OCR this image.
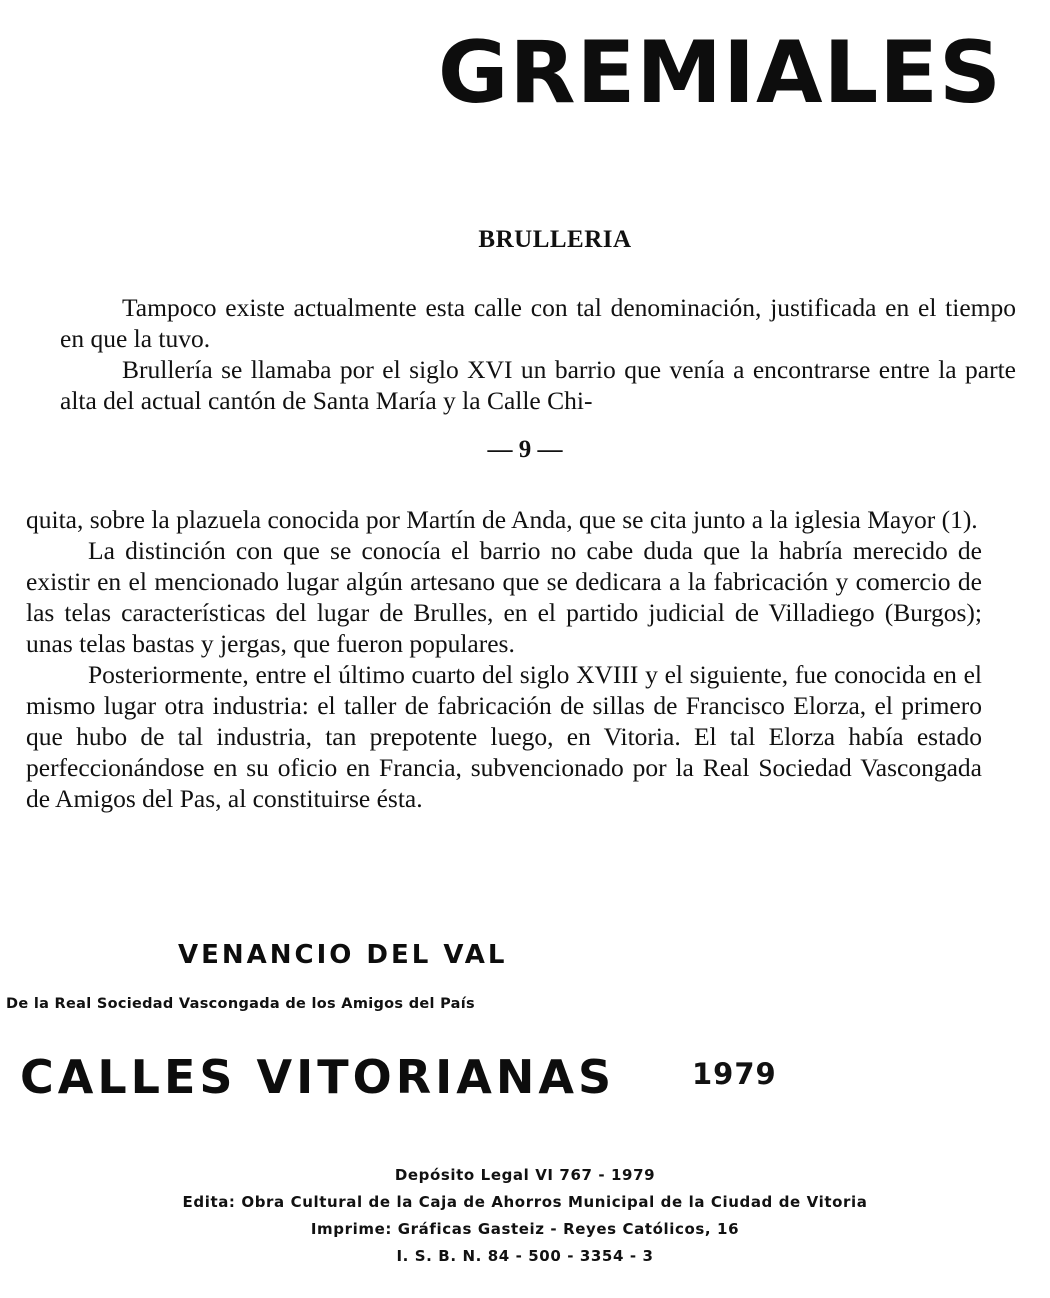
GREMIALES
BRULLERIA

Tampoco existe actualmente esta calle con tal denominación, justificada en el tiempo en que la tuvo.

Brullería se llamaba por el siglo XVI un barrio que venía a encontrarse entre la parte alta del actual cantón de Santa María y la Calle Chi-

— 9 —

quita, sobre la plazuela conocida por Martín de Anda, que se cita junto a la iglesia Mayor (1).

La distinción con que se conocía el barrio no cabe duda que la habría merecido de existir en el mencionado lugar algún artesano que se dedicara a la fabricación y comercio de las telas características del lugar de Brulles, en el partido judicial de Villadiego (Burgos); unas telas bastas y jergas, que fueron populares.

Posteriormente, entre el último cuarto del siglo XVIII y el siguiente, fue conocida en el mismo lugar otra industria: el taller de fabricación de sillas de Francisco Elorza, el primero que hubo de tal industria, tan prepotente luego, en Vitoria. El tal Elorza había estado perfeccionándose en su oficio en Francia, subvencionado por la Real Sociedad Vascongada de Amigos del Pas, al constituirse ésta.

VENANCIO DEL VAL
De la Real Sociedad Vascongada de los Amigos del País
CALLES VITORIANAS	1979
Depósito Legal VI 767 - 1979
Edita: Obra Cultural de la Caja de Ahorros Municipal de la Ciudad de Vitoria
Imprime: Gráficas Gasteiz - Reyes Católicos, 16
I. S. B. N. 84 - 500 - 3354 - 3
